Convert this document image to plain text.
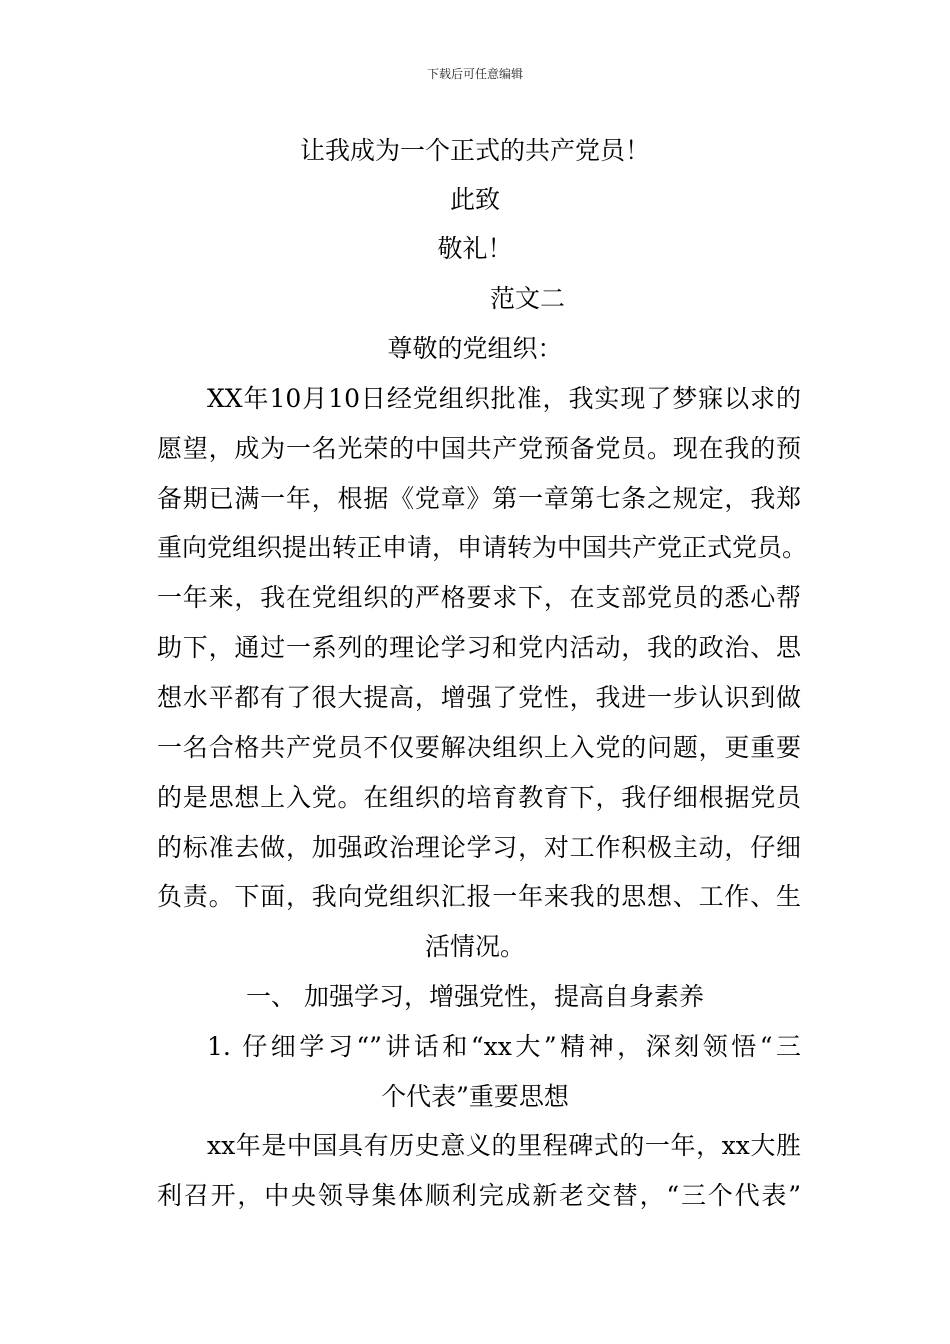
下载后可任意编辑
让我成为一个正式的共产党员！
此致
敬礼！
范文二
尊敬的党组织：
XX年10月10日经党组织批准，我实现了梦寐以求的
愿望，成为一名光荣的中国共产党预备党员。现在我的预
备期已满一年，根据《党章》第一章第七条之规定，我郑
重向党组织提出转正申请，申请转为中国共产党正式党员。
一年来，我在党组织的严格要求下，在支部党员的悉心帮
助下，通过一系列的理论学习和党内活动，我的政治、思
想水平都有了很大提高，增强了党性，我进一步认识到做
一名合格共产党员不仅要解决组织上入党的问题，更重要
的是思想上入党。在组织的培育教育下，我仔细根据党员
的标准去做，加强政治理论学习，对工作积极主动，仔细
负责。下面，我向党组织汇报一年来我的思想、工作、生
活情况。
一、 加强学习，增强党性，提高自身素养
1. 仔细学习“”讲话和“xx大”精神，深刻领悟“三
个代表”重要思想
xx年是中国具有历史意义的里程碑式的一年，xx大胜
利召开，中央领导集体顺利完成新老交替，“三个代表”
